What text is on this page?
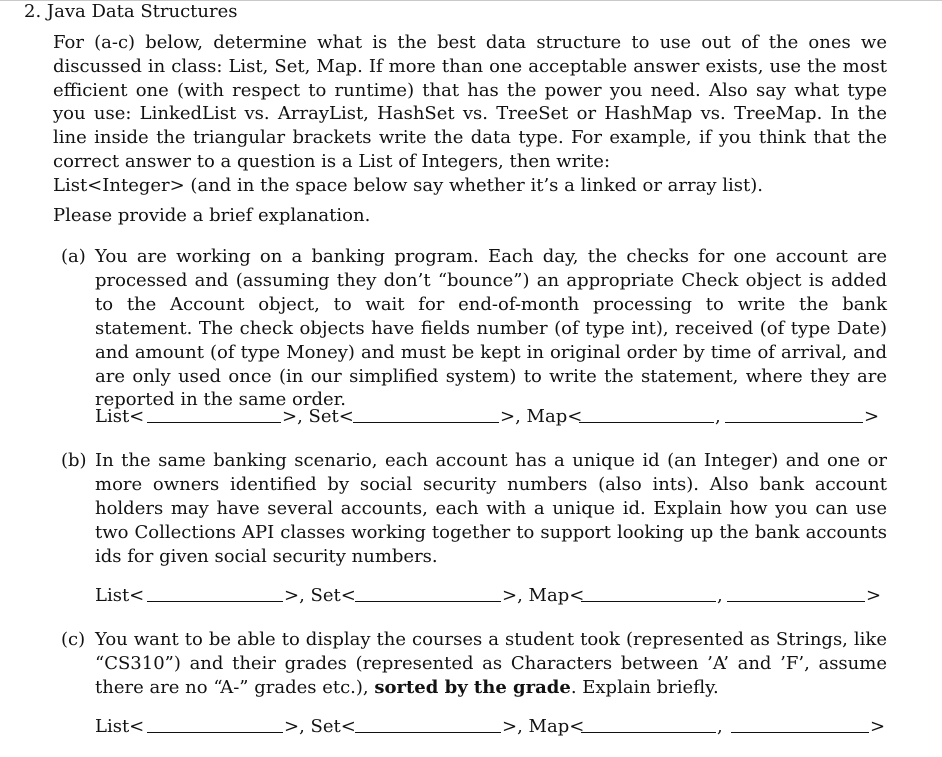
2. Java Data Structures

For (a-c) below, determine what is the best data structure to use out of the ones we discussed in class: List, Set, Map. If more than one acceptable answer exists, use the most efficient one (with respect to runtime) that has the power you need. Also say what type you use: LinkedList vs. ArrayList, HashSet vs. TreeSet or HashMap vs. TreeMap. In the line inside the triangular brackets write the data type. For example, if you think that the correct answer to a question is a List of Integers, then write:

List<Integer> (and in the space below say whether it’s a linked or array list).
Please provide a brief explanation.
(a) You are working on a banking program. Each day, the checks for one account are processed and (assuming they don’t “bounce”) an appropriate Check object is added to the Account object, to wait for end-of-month processing to write the bank statement. The check objects have fields number (of type int), received (of type Date) and amount (of type Money) and must be kept in original order by time of arrival, and are only used once (in our simplified system) to write the statement, where they are reported in the same order.
List<	>, Set<	>, Map<	,	>
(b) In the same banking scenario, each account has a unique id (an Integer) and one or more owners identified by social security numbers (also ints). Also bank account holders may have several accounts, each with a unique id. Explain how you can use two Collections API classes working together to support looking up the bank accounts ids for given social security numbers.
List<	>, Set<	>, Map<	,	>
(c) You want to be able to display the courses a student took (represented as Strings, like “CS310”) and their grades (represented as Characters between ’A’ and ’F’, assume there are no “A-” grades etc.), sorted by the grade. Explain briefly.
List<	>, Set<	>, Map<	,	>
